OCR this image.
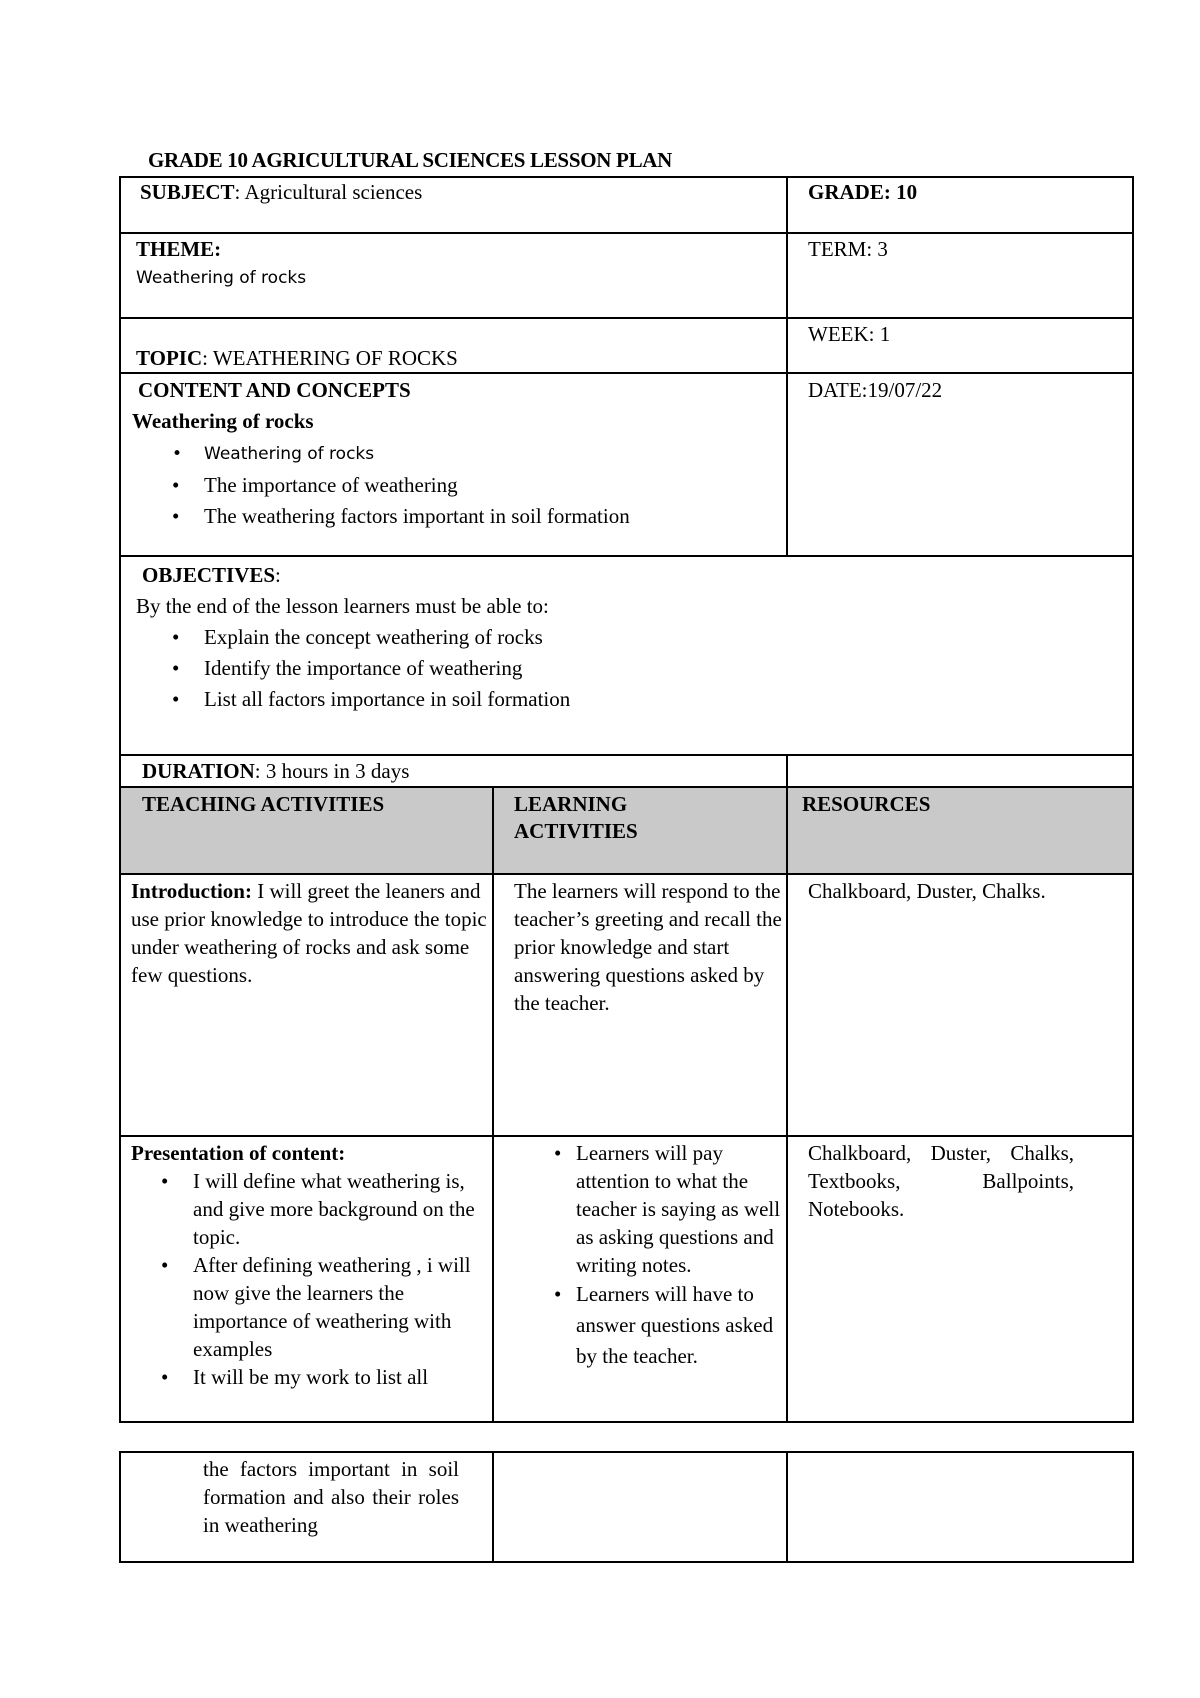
GRADE 10 AGRICULTURAL SCIENCES LESSON PLAN
SUBJECT: Agricultural sciences	GRADE: 10
THEME:
Weathering of rocks
TERM: 3
TOPIC: WEATHERING OF ROCKS
WEEK: 1
CONTENT AND CONCEPTS
Weathering of rocks
• Weathering of rocks
• The importance of weathering
• The weathering factors important in soil formation
DATE:19/07/22
OBJECTIVES:
By the end of the lesson learners must be able to:
• Explain the concept weathering of rocks
• Identify the importance of weathering
• List all factors importance in soil formation
DURATION: 3 hours in 3 days
TEACHING ACTIVITIES	LEARNING ACTIVITIES
RESOURCES
Introduction: I will greet the leaners and use prior knowledge to introduce the topic under weathering of rocks and ask some few questions.
The learners will respond to the teacher’s greeting and recall the prior knowledge and start answering questions asked by the teacher.
Chalkboard, Duster, Chalks.
Presentation of content:
• I will define what weathering is, and give more background on the topic.
• After defining weathering , i will now give the learners the importance of weathering with examples
• It will be my work to list all
• Learners will pay attention to what the teacher is saying as well as asking questions and writing notes.
• Learners will have to answer questions asked by the teacher.
Chalkboard, Duster, Chalks, Textbooks, Ballpoints, Notebooks.
the factors important in soil formation and also their roles in weathering
